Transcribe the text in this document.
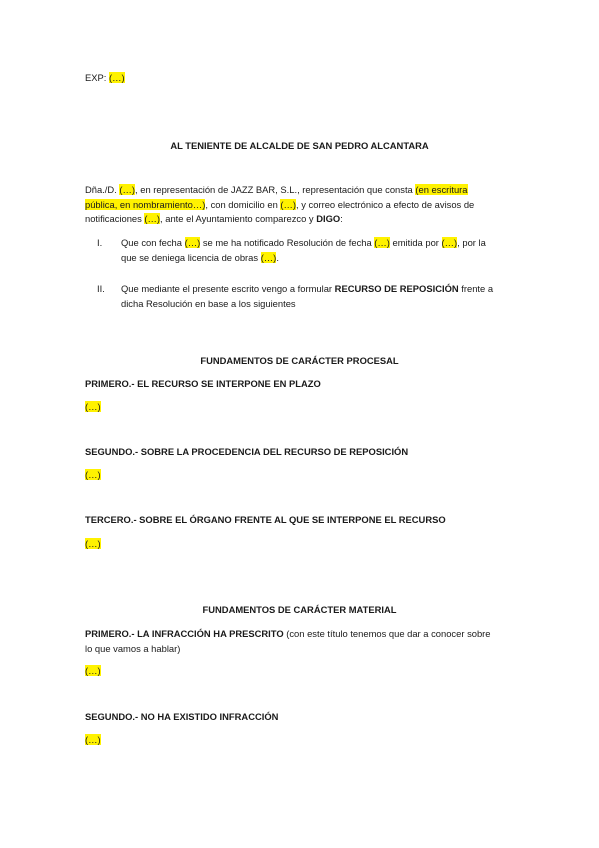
EXP: (…)
AL TENIENTE DE ALCALDE DE SAN PEDRO ALCANTARA
Dña./D. (…), en representación de JAZZ BAR, S.L., representación que consta (en escritura
pública, en nombramiento…), con domicilio en (…), y correo electrónico a efecto de avisos de
notificaciones (…), ante el Ayuntamiento comparezco y DIGO:
I. Que con fecha (…) se me ha notificado Resolución de fecha (…) emitida por (…), por la
que se deniega licencia de obras (…).
II. Que mediante el presente escrito vengo a formular RECURSO DE REPOSICIÓN frente a
dicha Resolución en base a los siguientes
FUNDAMENTOS DE CARÁCTER PROCESAL
PRIMERO.- EL RECURSO SE INTERPONE EN PLAZO
(…)
SEGUNDO.- SOBRE LA PROCEDENCIA DEL RECURSO DE REPOSICIÓN
(…)
TERCERO.- SOBRE EL ÓRGANO FRENTE AL QUE SE INTERPONE EL RECURSO
(…)
FUNDAMENTOS DE CARÁCTER MATERIAL
PRIMERO.- LA INFRACCIÓN HA PRESCRITO (con este título tenemos que dar a conocer sobre
lo que vamos a hablar)
(…)
SEGUNDO.- NO HA EXISTIDO INFRACCIÓN
(…)
